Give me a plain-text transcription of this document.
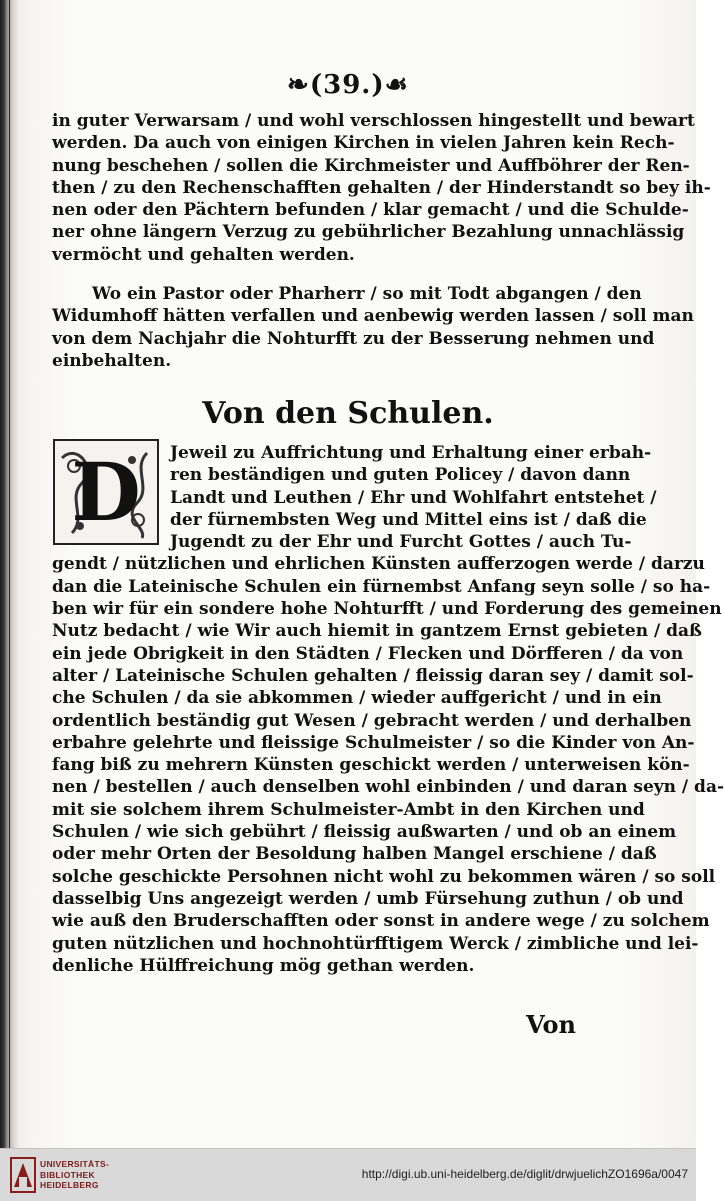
❧(39.)☙
in guter Verwarsam / und wohl verschlossen hingestellt und bewart
werden. Da auch von einigen Kirchen in vielen Jahren kein Rech-
nung beschehen / sollen die Kirchmeister und Auffböhrer der Ren-
then / zu den Rechenschafften gehalten / der Hinderstandt so bey ih-
nen oder den Pächtern befunden / klar gemacht / und die Schulde-
ner ohne längern Verzug zu gebührlicher Bezahlung unnachlässig
vermöcht und gehalten werden.
Wo ein Pastor oder Pharherr / so mit Todt abgangen / den
Widumhoff hätten verfallen und aenbewig werden lassen / soll man
von dem Nachjahr die Nohturfft zu der Besserung nehmen und
einbehalten.
Von den Schulen.
D Jeweil zu Auffrichtung und Erhaltung einer erbah-
ren beständigen und guten Policey / davon dann
Landt und Leuthen / Ehr und Wohlfahrt entstehet /
der fürnembsten Weg und Mittel eins ist / daß die
Jugendt zu der Ehr und Furcht Gottes / auch Tu-
gendt / nützlichen und ehrlichen Künsten aufferzogen werde / darzu
dan die Lateinische Schulen ein fürnembst Anfang seyn solle / so ha-
ben wir für ein sondere hohe Nohturfft / und Forderung des gemeinen
Nutz bedacht / wie Wir auch hiemit in gantzem Ernst gebieten / daß
ein jede Obrigkeit in den Städten / Flecken und Dörfferen / da von
alter / Lateinische Schulen gehalten / fleissig daran sey / damit sol-
che Schulen / da sie abkommen / wieder auffgericht / und in ein
ordentlich beständig gut Wesen / gebracht werden / und derhalben
erbahre gelehrte und fleissige Schulmeister / so die Kinder von An-
fang biß zu mehrern Künsten geschickt werden / unterweisen kön-
nen / bestellen / auch denselben wohl einbinden / und daran seyn / da-
mit sie solchem ihrem Schulmeister-Ambt in den Kirchen und
Schulen / wie sich gebührt / fleissig außwarten / und ob an einem
oder mehr Orten der Besoldung halben Mangel erschiene / daß
solche geschickte Persohnen nicht wohl zu bekommen wären / so soll
dasselbig Uns angezeigt werden / umb Fürsehung zuthun / ob und
wie auß den Bruderschafften oder sonst in andere wege / zu solchem
guten nützlichen und hochnohtürfftigem Werck / zimbliche und lei-
denliche Hülffreichung mög gethan werden.
Von
UNIVERSITÄTS-
BIBLIOTHEK
HEIDELBERG
http://digi.ub.uni-heidelberg.de/diglit/drwjuelichZO1696a/0047
